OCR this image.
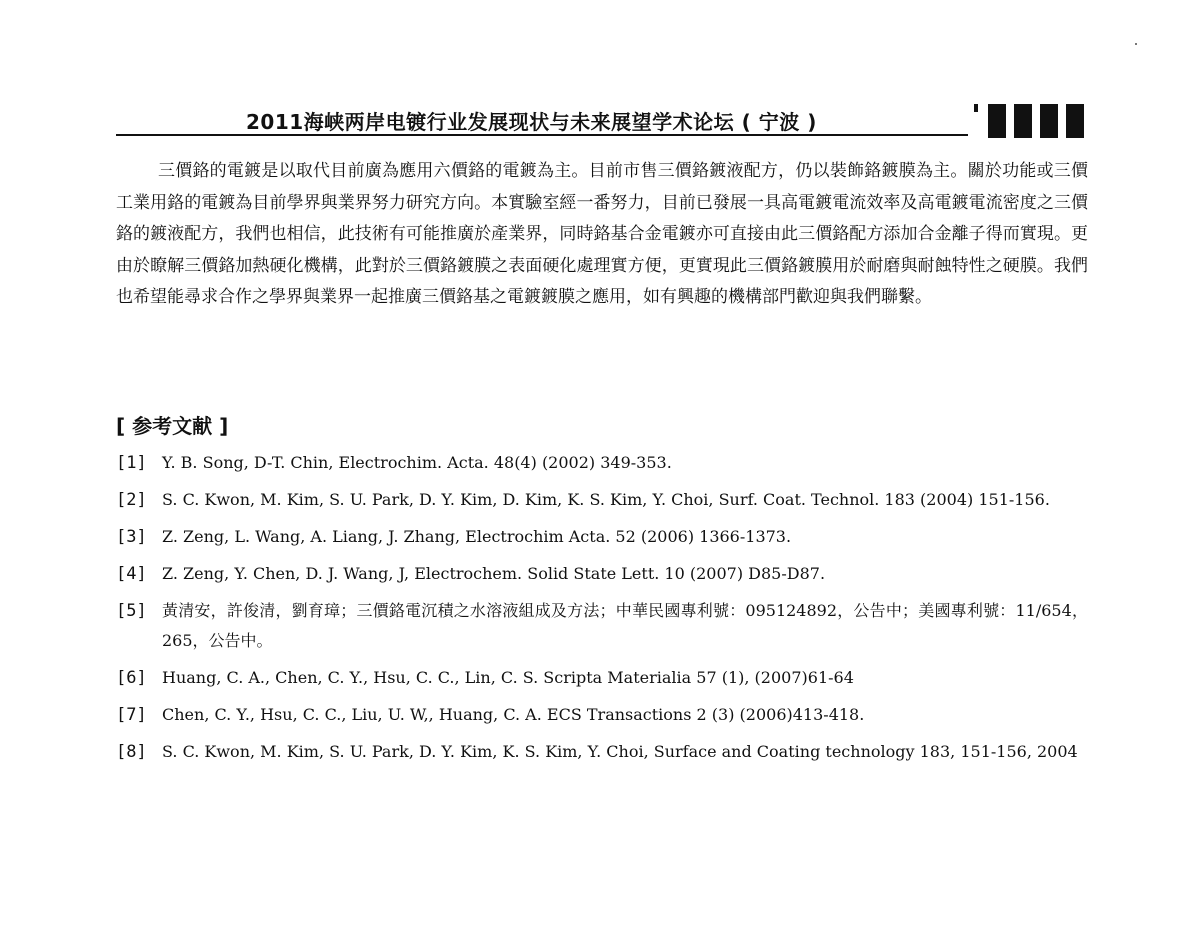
2011海峡两岸电镀行业发展现状与未来展望学术论坛 ( 宁波 )

三價鉻的電鍍是以取代目前廣為應用六價鉻的電鍍為主。目前市售三價鉻鍍液配方，仍以裝飾鉻鍍膜為主。關於功能或三價工業用鉻的電鍍為目前學界與業界努力研究方向。本實驗室經一番努力，目前已發展一具高電鍍電流效率及高電鍍電流密度之三價鉻的鍍液配方，我們也相信，此技術有可能推廣於產業界，同時鉻基合金電鍍亦可直接由此三價鉻配方添加合金離子得而實現。更由於瞭解三價鉻加熱硬化機構，此對於三價鉻鍍膜之表面硬化處理實方便，更實現此三價鉻鍍膜用於耐磨與耐蝕特性之硬膜。我們也希望能尋求合作之學界與業界一起推廣三價鉻基之電鍍鍍膜之應用，如有興趣的機構部門歡迎與我們聯繫。

[ 参考文献 ]
[1] Y. B. Song, D-T. Chin, Electrochim. Acta. 48(4) (2002) 349-353.
[2] S. C. Kwon, M. Kim, S. U. Park, D. Y. Kim, D. Kim, K. S. Kim, Y. Choi, Surf. Coat. Technol. 183 (2004) 151-156.
[3] Z. Zeng, L. Wang, A. Liang, J. Zhang, Electrochim Acta. 52 (2006) 1366-1373.
[4] Z. Zeng, Y. Chen, D. J. Wang, J, Electrochem. Solid State Lett. 10 (2007) D85-D87.
[5] 黃清安，許俊清，劉育璋；三價鉻電沉積之水溶液組成及方法；中華民國專利號：095124892，公告中；美國專利號：11/654，265，公告中。
[6] Huang, C. A., Chen, C. Y., Hsu, C. C., Lin, C. S. Scripta Materialia 57 (1), (2007)61-64
[7] Chen, C. Y., Hsu, C. C., Liu, U. W,, Huang, C. A. ECS Transactions 2 (3) (2006)413-418.
[8] S. C. Kwon, M. Kim, S. U. Park, D. Y. Kim, K. S. Kim, Y. Choi, Surface and Coating technology 183, 151-156, 2004
